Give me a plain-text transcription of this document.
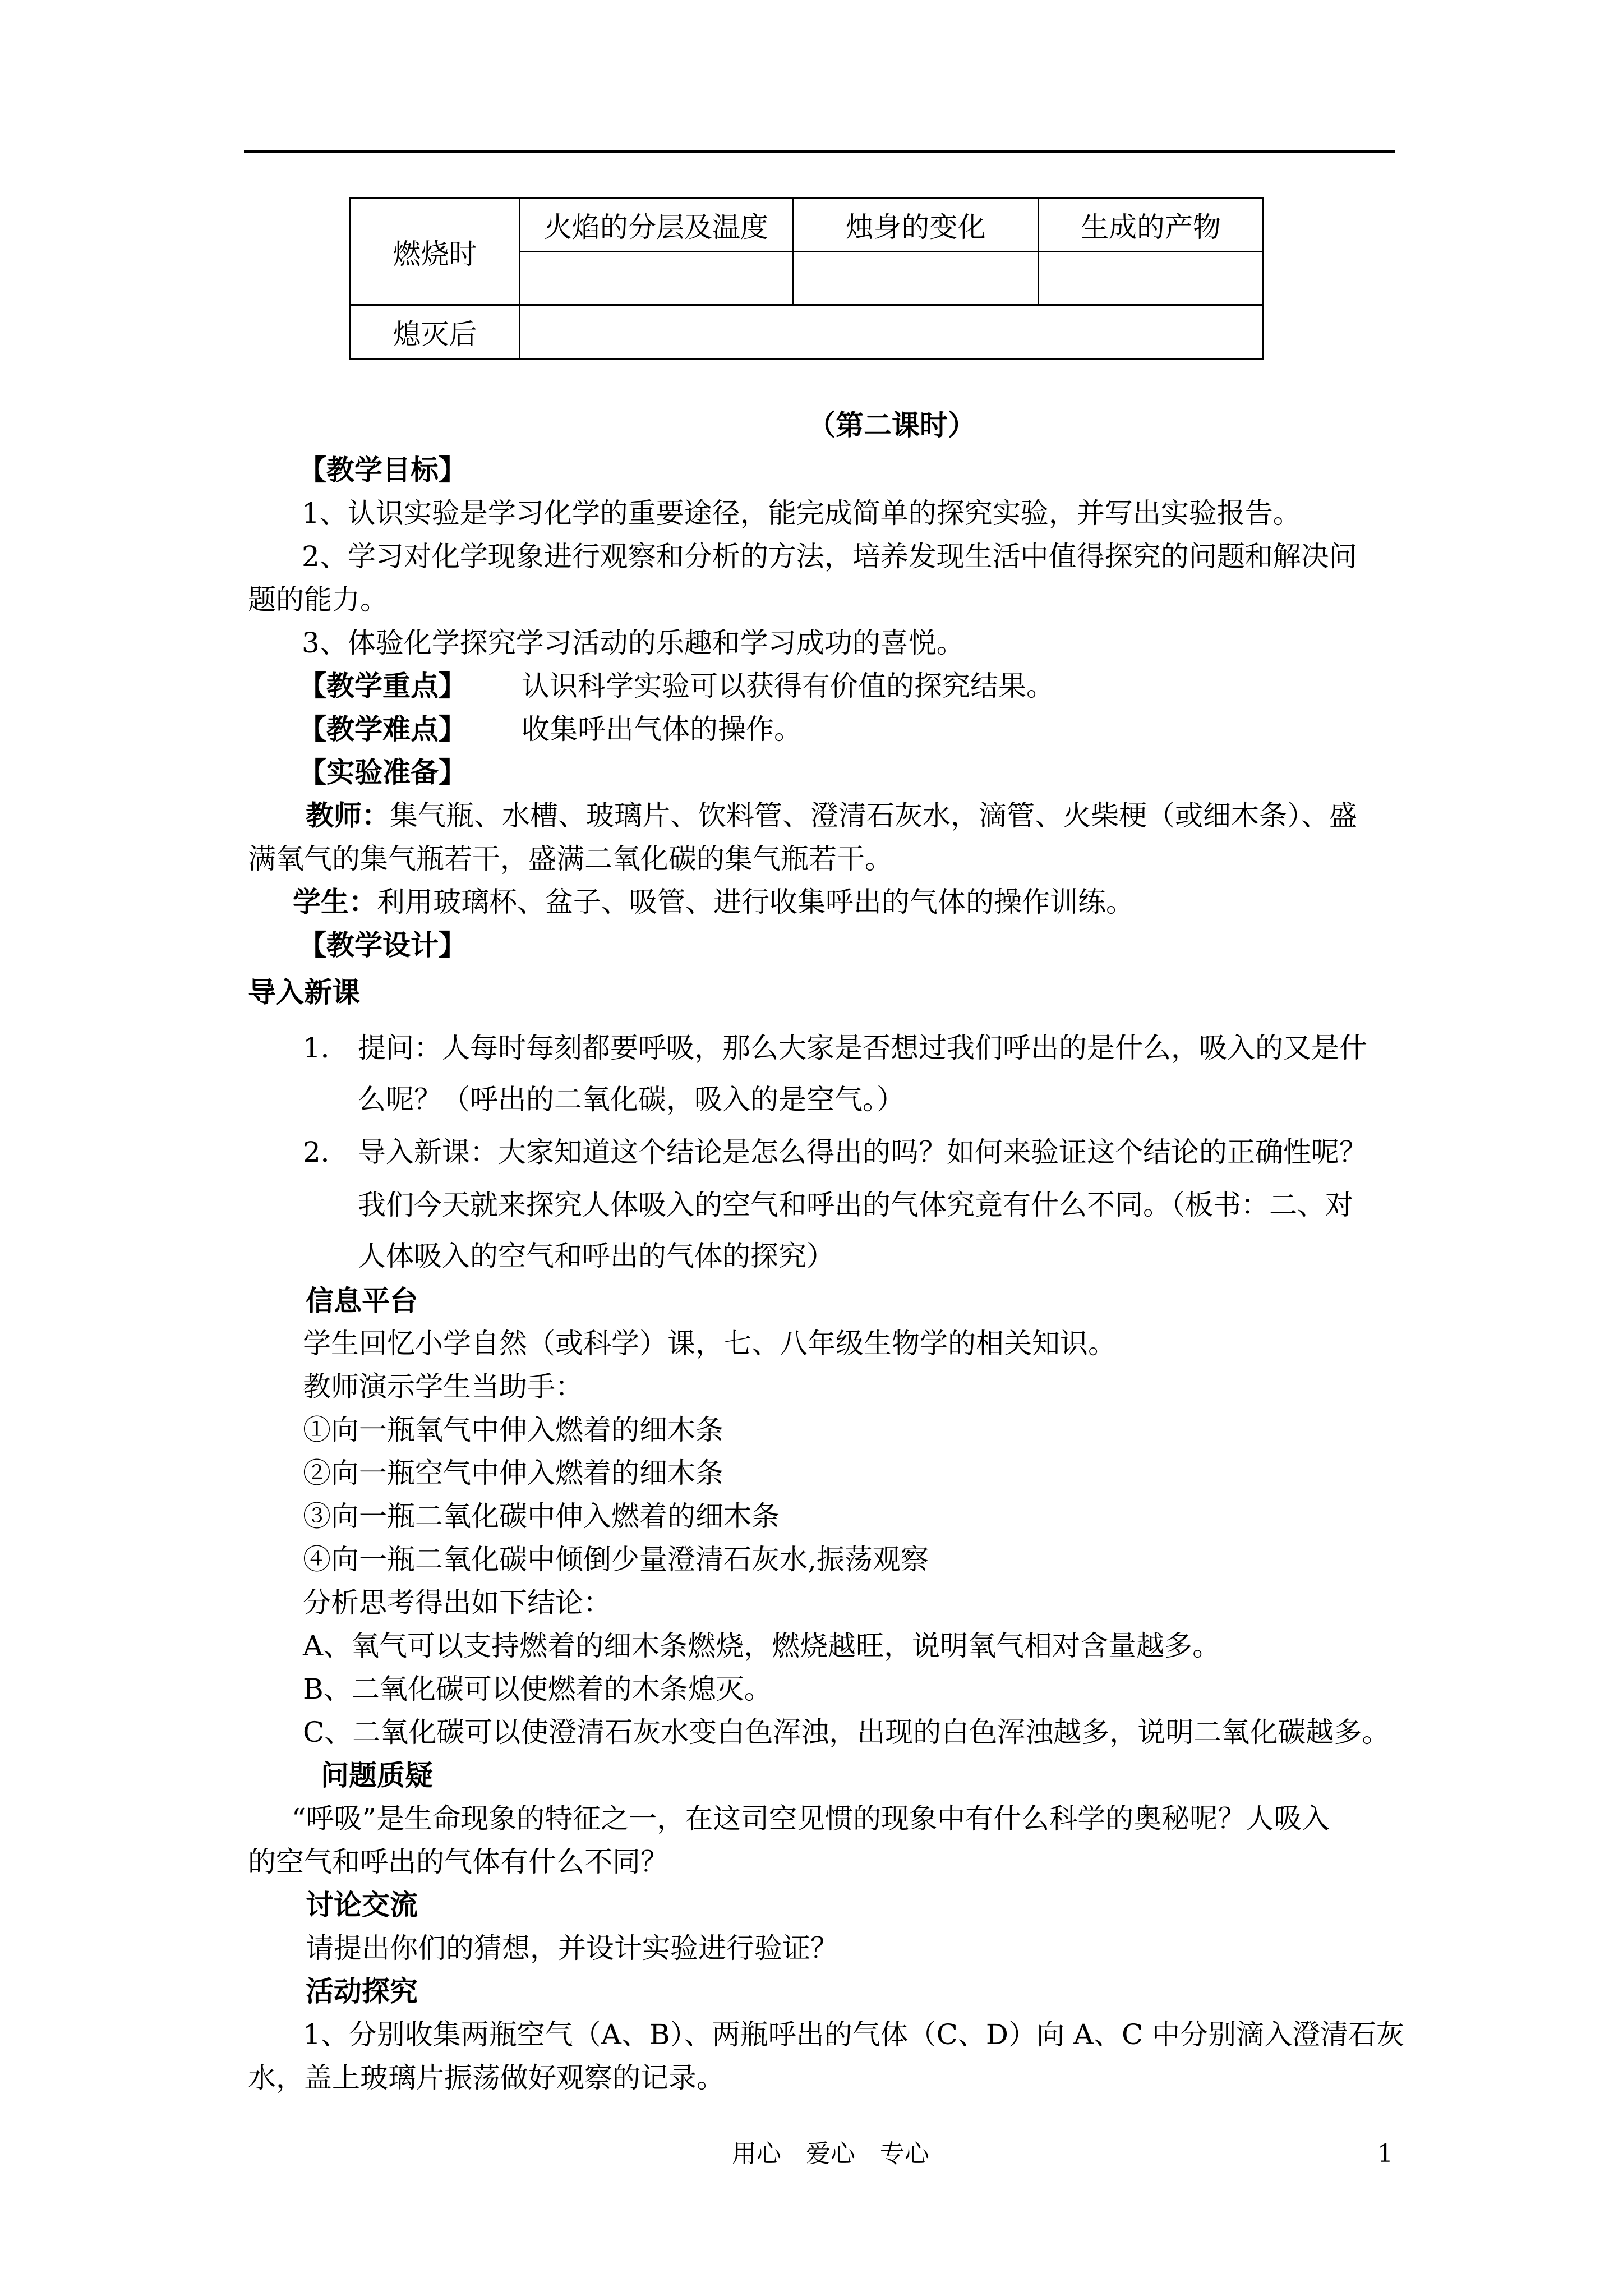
燃烧时	火焰的分层及温度	烛身的变化	生成的产物

熄灭后			
（第二课时）
【教学目标】
1、认识实验是学习化学的重要途径，能完成简单的探究实验，并写出实验报告。
2、学习对化学现象进行观察和分析的方法，培养发现生活中值得探究的问题和解决问
题的能力。
3、体验化学探究学习活动的乐趣和学习成功的喜悦。
【教学重点】 认识科学实验可以获得有价值的探究结果。
【教学难点】 收集呼出气体的操作。
【实验准备】
教师：集气瓶、水槽、玻璃片、饮料管、澄清石灰水，滴管、火柴梗（或细木条）、盛
满氧气的集气瓶若干，盛满二氧化碳的集气瓶若干。
学生：利用玻璃杯、盆子、吸管、进行收集呼出的气体的操作训练。
【教学设计】
导入新课
1． 提问：人每时每刻都要呼吸，那么大家是否想过我们呼出的是什么，吸入的又是什
么呢？（呼出的二氧化碳，吸入的是空气。）
2． 导入新课：大家知道这个结论是怎么得出的吗？如何来验证这个结论的正确性呢？
我们今天就来探究人体吸入的空气和呼出的气体究竟有什么不同。（板书：二、对
人体吸入的空气和呼出的气体的探究）
信息平台
学生回忆小学自然（或科学）课，七、八年级生物学的相关知识。
教师演示学生当助手：
①向一瓶氧气中伸入燃着的细木条
②向一瓶空气中伸入燃着的细木条
③向一瓶二氧化碳中伸入燃着的细木条
④向一瓶二氧化碳中倾倒少量澄清石灰水,振荡观察
分析思考得出如下结论：
A、氧气可以支持燃着的细木条燃烧，燃烧越旺，说明氧气相对含量越多。
B、二氧化碳可以使燃着的木条熄灭。
C、二氧化碳可以使澄清石灰水变白色浑浊，出现的白色浑浊越多，说明二氧化碳越多。
问题质疑
“呼吸”是生命现象的特征之一，在这司空见惯的现象中有什么科学的奥秘呢？人吸入
的空气和呼出的气体有什么不同？
讨论交流
请提出你们的猜想，并设计实验进行验证？
活动探究
1、分别收集两瓶空气（A、B）、两瓶呼出的气体（C、D）向 A、C 中分别滴入澄清石灰
水，盖上玻璃片振荡做好观察的记录。
用心　爱心　专心	1
